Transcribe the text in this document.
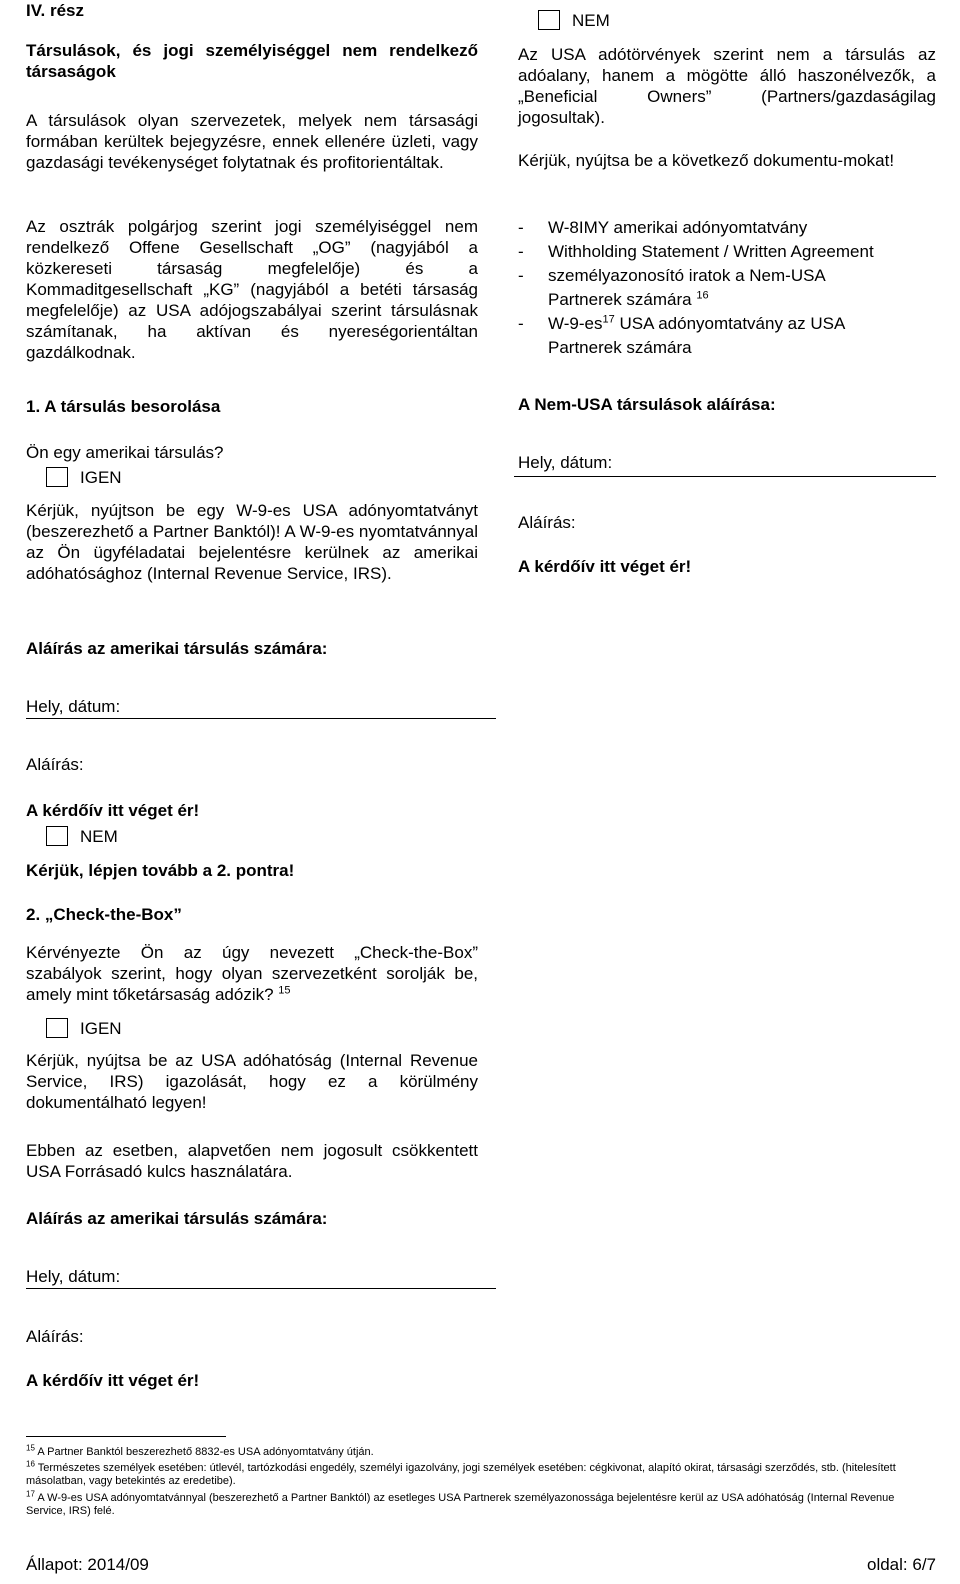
IV. rész
Társulások, és jogi személyiséggel nem rendelkező társaságok
A társulások olyan szervezetek, melyek nem társasági formában kerültek bejegyzésre, ennek ellenére üzleti, vagy gazdasági tevékenységet folytatnak és profitorientáltak.
Az osztrák polgárjog szerint jogi személyiséggel nem rendelkező Offene Gesellschaft „OG” (nagyjából a közkereseti társaság megfelelője) és a Kommaditgesellschaft „KG” (nagyjából a betéti társaság megfelelője) az USA adójogszabályai szerint társulásnak számítanak, ha aktívan és nyereségorientáltan gazdálkodnak.
1. A társulás besorolása
Ön egy amerikai társulás?
IGEN
Kérjük, nyújtson be egy W-9-es USA adónyomtatványt (beszerezhető a Partner Banktól)! A W-9-es nyomtatvánnyal az Ön ügyféladatai bejelentésre kerülnek az amerikai adóhatósághoz (Internal Revenue Service, IRS).
Aláírás az amerikai társulás számára:
Hely, dátum:
Aláírás:
A kérdőív itt véget ér!
NEM
Kérjük, lépjen tovább a 2. pontra!
2. „Check-the-Box”
Kérvényezte Ön az úgy nevezett „Check-the-Box” szabályok szerint, hogy olyan szervezetként sorolják be, amely mint tőketársaság adózik? $^{15}$
IGEN
Kérjük, nyújtsa be az USA adóhatóság (Internal Revenue Service, IRS) igazolását, hogy ez a körülmény dokumentálható legyen!
Ebben az esetben, alapvetően nem jogosult csökkentett USA Forrásadó kulcs használatára.
Aláírás az amerikai társulás számára:
Hely, dátum:
Aláírás:
A kérdőív itt véget ér!
NEM
Az USA adótörvények szerint nem a társulás az adóalany, hanem a mögötte álló haszonélvezők, a „Beneficial Owners” (Partners/gazdaságilag jogosultak).
Kérjük, nyújtsa be a következő dokumentu-mokat!
-	W-8IMY amerikai adónyomtatvány
-	Withholding Statement / Written Agreement
-	személyazonosító iratok a Nem-USA
Partnerek számára $^{16}$
-	$W-9-es^{17}$ USA adónyomtatvány az USA
Partnerek számára
A Nem-USA társulások aláírása:
Hely, dátum:
Aláírás:
A kérdőív itt véget ér!
$^{15}$ A Partner Banktól beszerezhető 8832-es USA adónyomtatvány útján.
$^{16}$ Természetes személyek esetében: útlevél, tartózkodási engedély, személyi igazolvány, jogi személyek esetében: cégkivonat, alapító okirat, társasági szerződés, stb. (hitelesített másolatban, vagy betekintés az eredetibe).
$^{17}$ A W-9-es USA adónyomtatvánnyal (beszerezhető a Partner Banktól) az esetleges USA Partnerek személyazonossága bejelentésre kerül az USA adóhatóság (Internal Revenue Service, IRS) felé.
Állapot: 2014/09	oldal: 6/7
